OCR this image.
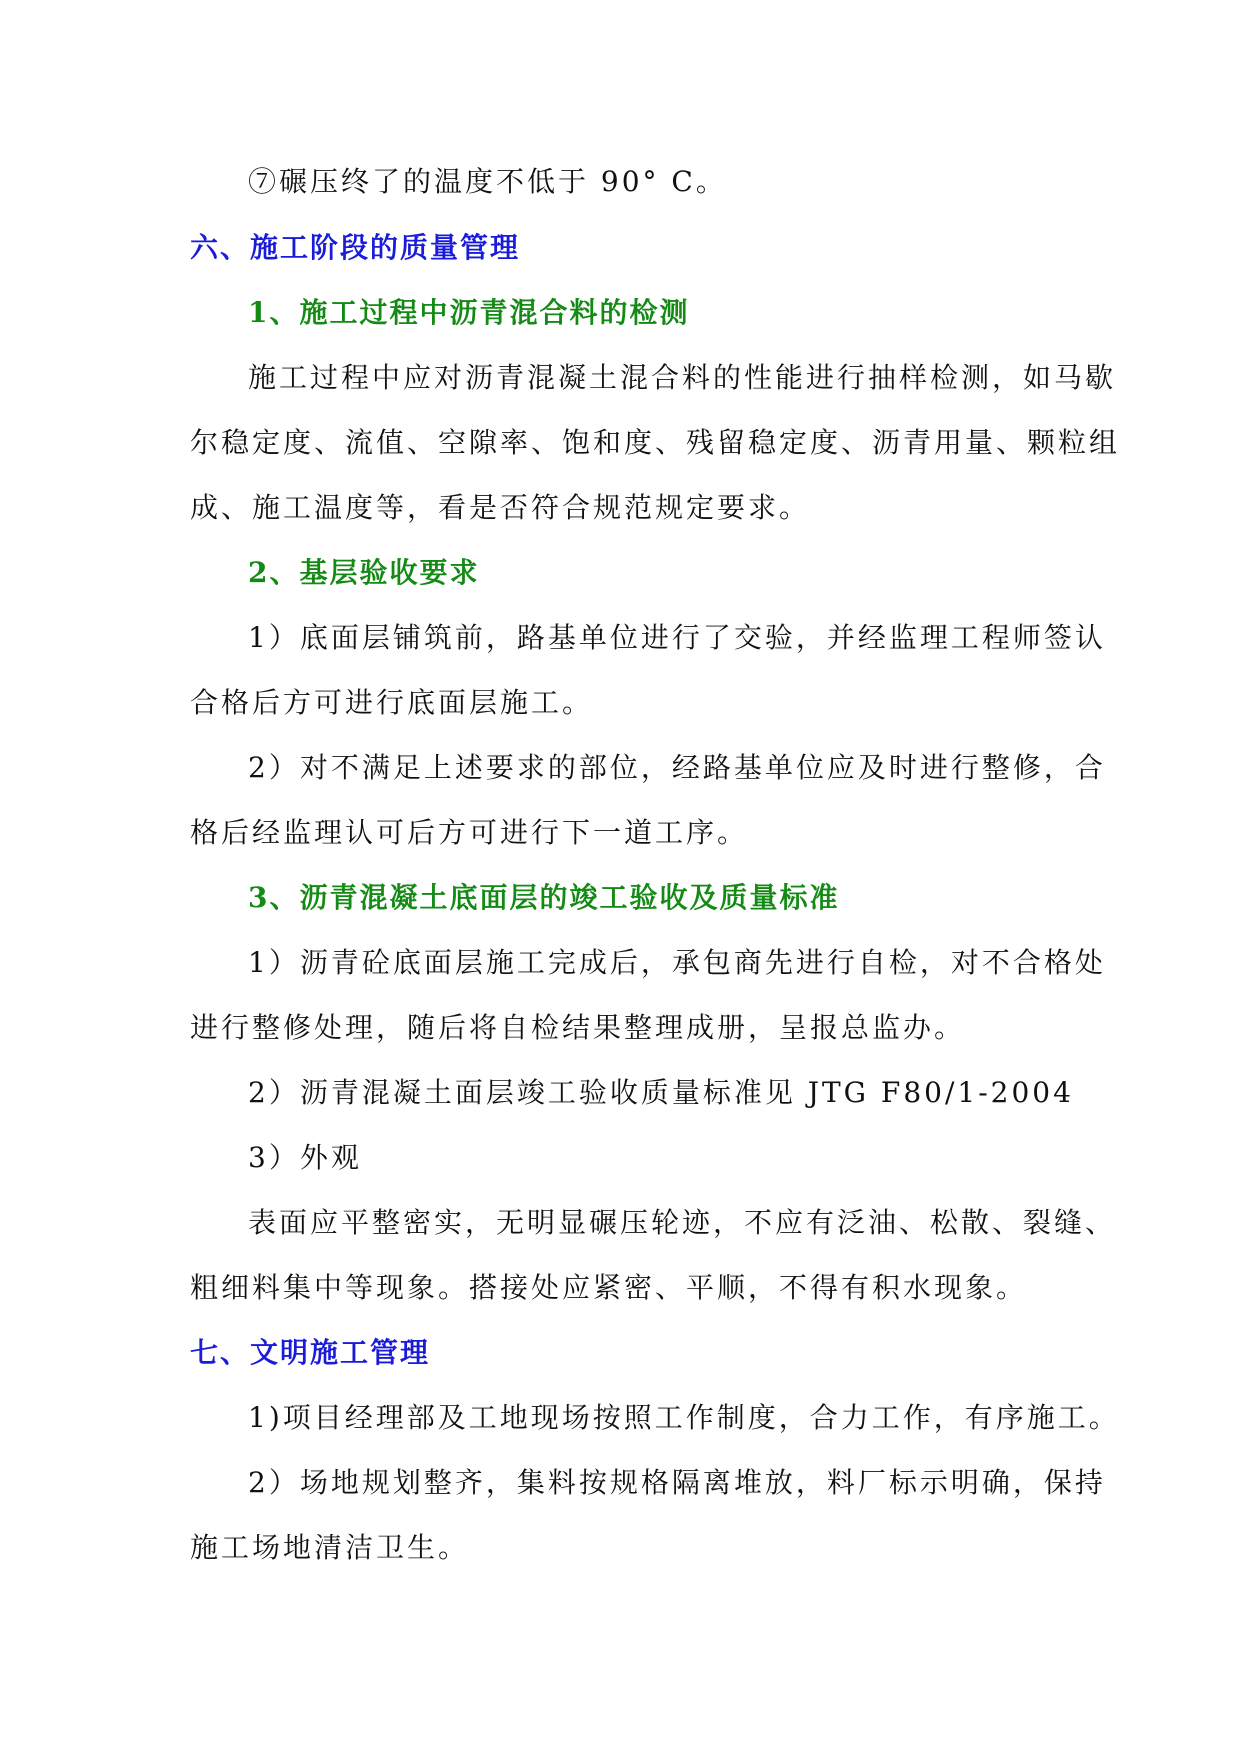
⑦碾压终了的温度不低于 90° C。
六、施工阶段的质量管理
1、施工过程中沥青混合料的检测
施工过程中应对沥青混凝土混合料的性能进行抽样检测，如马歇
尔稳定度、流值、空隙率、饱和度、残留稳定度、沥青用量、颗粒组
成、施工温度等，看是否符合规范规定要求。
2、基层验收要求
1）底面层铺筑前，路基单位进行了交验，并经监理工程师签认
合格后方可进行底面层施工。
2）对不满足上述要求的部位，经路基单位应及时进行整修，合
格后经监理认可后方可进行下一道工序。
3、沥青混凝土底面层的竣工验收及质量标准
1）沥青砼底面层施工完成后，承包商先进行自检，对不合格处
进行整修处理，随后将自检结果整理成册，呈报总监办。
2）沥青混凝土面层竣工验收质量标准见 JTG F80/1-2004
3）外观
表面应平整密实，无明显碾压轮迹，不应有泛油、松散、裂缝、
粗细料集中等现象。搭接处应紧密、平顺，不得有积水现象。
七、文明施工管理
1)项目经理部及工地现场按照工作制度，合力工作，有序施工。
2）场地规划整齐，集料按规格隔离堆放，料厂标示明确，保持
施工场地清洁卫生。
